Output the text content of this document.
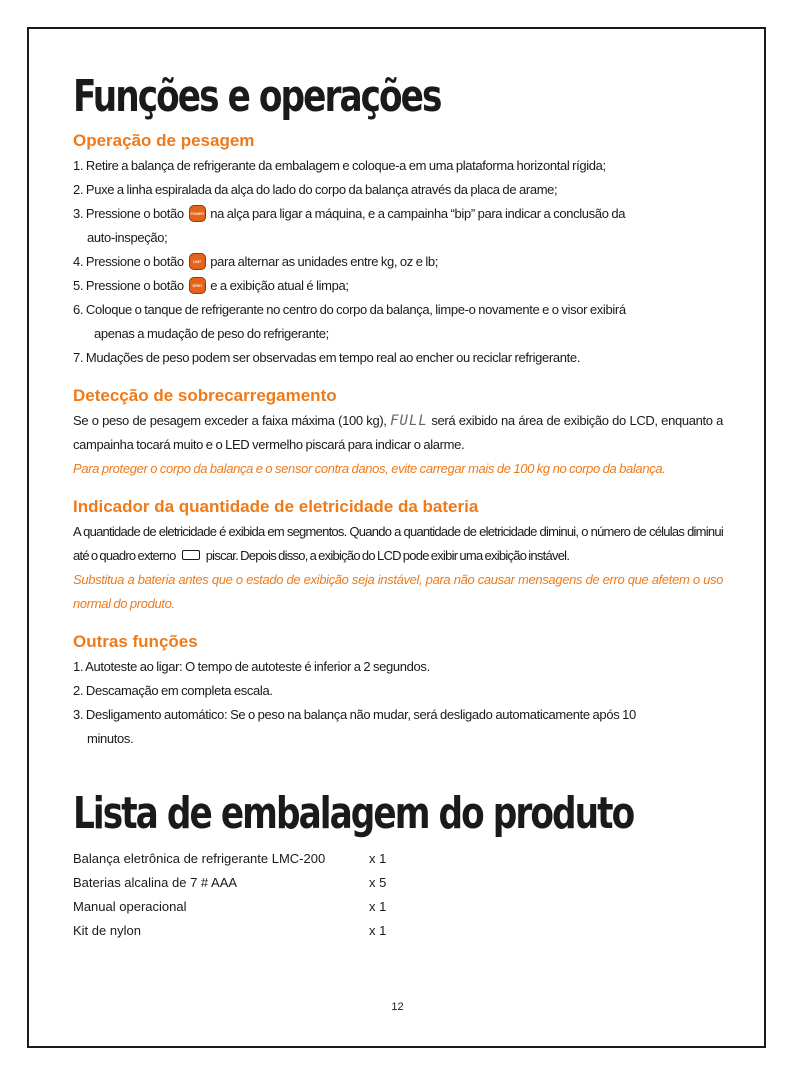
Funções e operações
Operação de pesagem

1. Retire a balança de refrigerante da embalagem e coloque-a em uma plataforma horizontal rígida;

2. Puxe a linha espiralada da alça do lado do corpo da balança através da placa de arame;

3. Pressione o botão POWER na alça para ligar a máquina, e a campainha “bip” para indicar a conclusão da

auto-inspeção;

4. Pressione o botão	UNIT para alternar as unidades entre kg, oz e lb;

5. Pressione o botão	ZERO e a exibição atual é limpa;

6. Coloque o tanque de refrigerante no centro do corpo da balança, limpe-o novamente e o visor exibirá

apenas a mudação de peso do refrigerante;

7. Mudações de peso podem ser observadas em tempo real ao encher ou reciclar refrigerante.

Detecção de sobrecarregamento

Se o peso de pesagem exceder a faixa máxima (100 kg), FULL será exibido na área de exibição do LCD, enquanto a campainha tocará muito e o LED vermelho piscará para indicar o alarme.

Para proteger o corpo da balança e o sensor contra danos, evite carregar mais de 100 kg no corpo da balança.

Indicador da quantidade de eletricidade da bateria

A quantidade de eletricidade é exibida em segmentos. Quando a quantidade de eletricidade diminui, o número de células diminui até o quadro externo piscar. Depois disso, a exibição do LCD pode exibir uma exibição instável.

Substitua a bateria antes que o estado de exibição seja instável, para não causar mensagens de erro que afetem o uso normal do produto.

Outras funções

1. Autoteste ao ligar: O tempo de autoteste é inferior a 2 segundos.

2. Descamação em completa escala.

3. Desligamento automático: Se o peso na balança não mudar, será desligado automaticamente após 10

minutos.

Lista de embalagem do produto
Balança eletrônica de refrigerante LMC-200	x 1
Baterias alcalina de 7 # AAA	x 5
Manual operacional	x 1
Kit de nylon	x 1
12
